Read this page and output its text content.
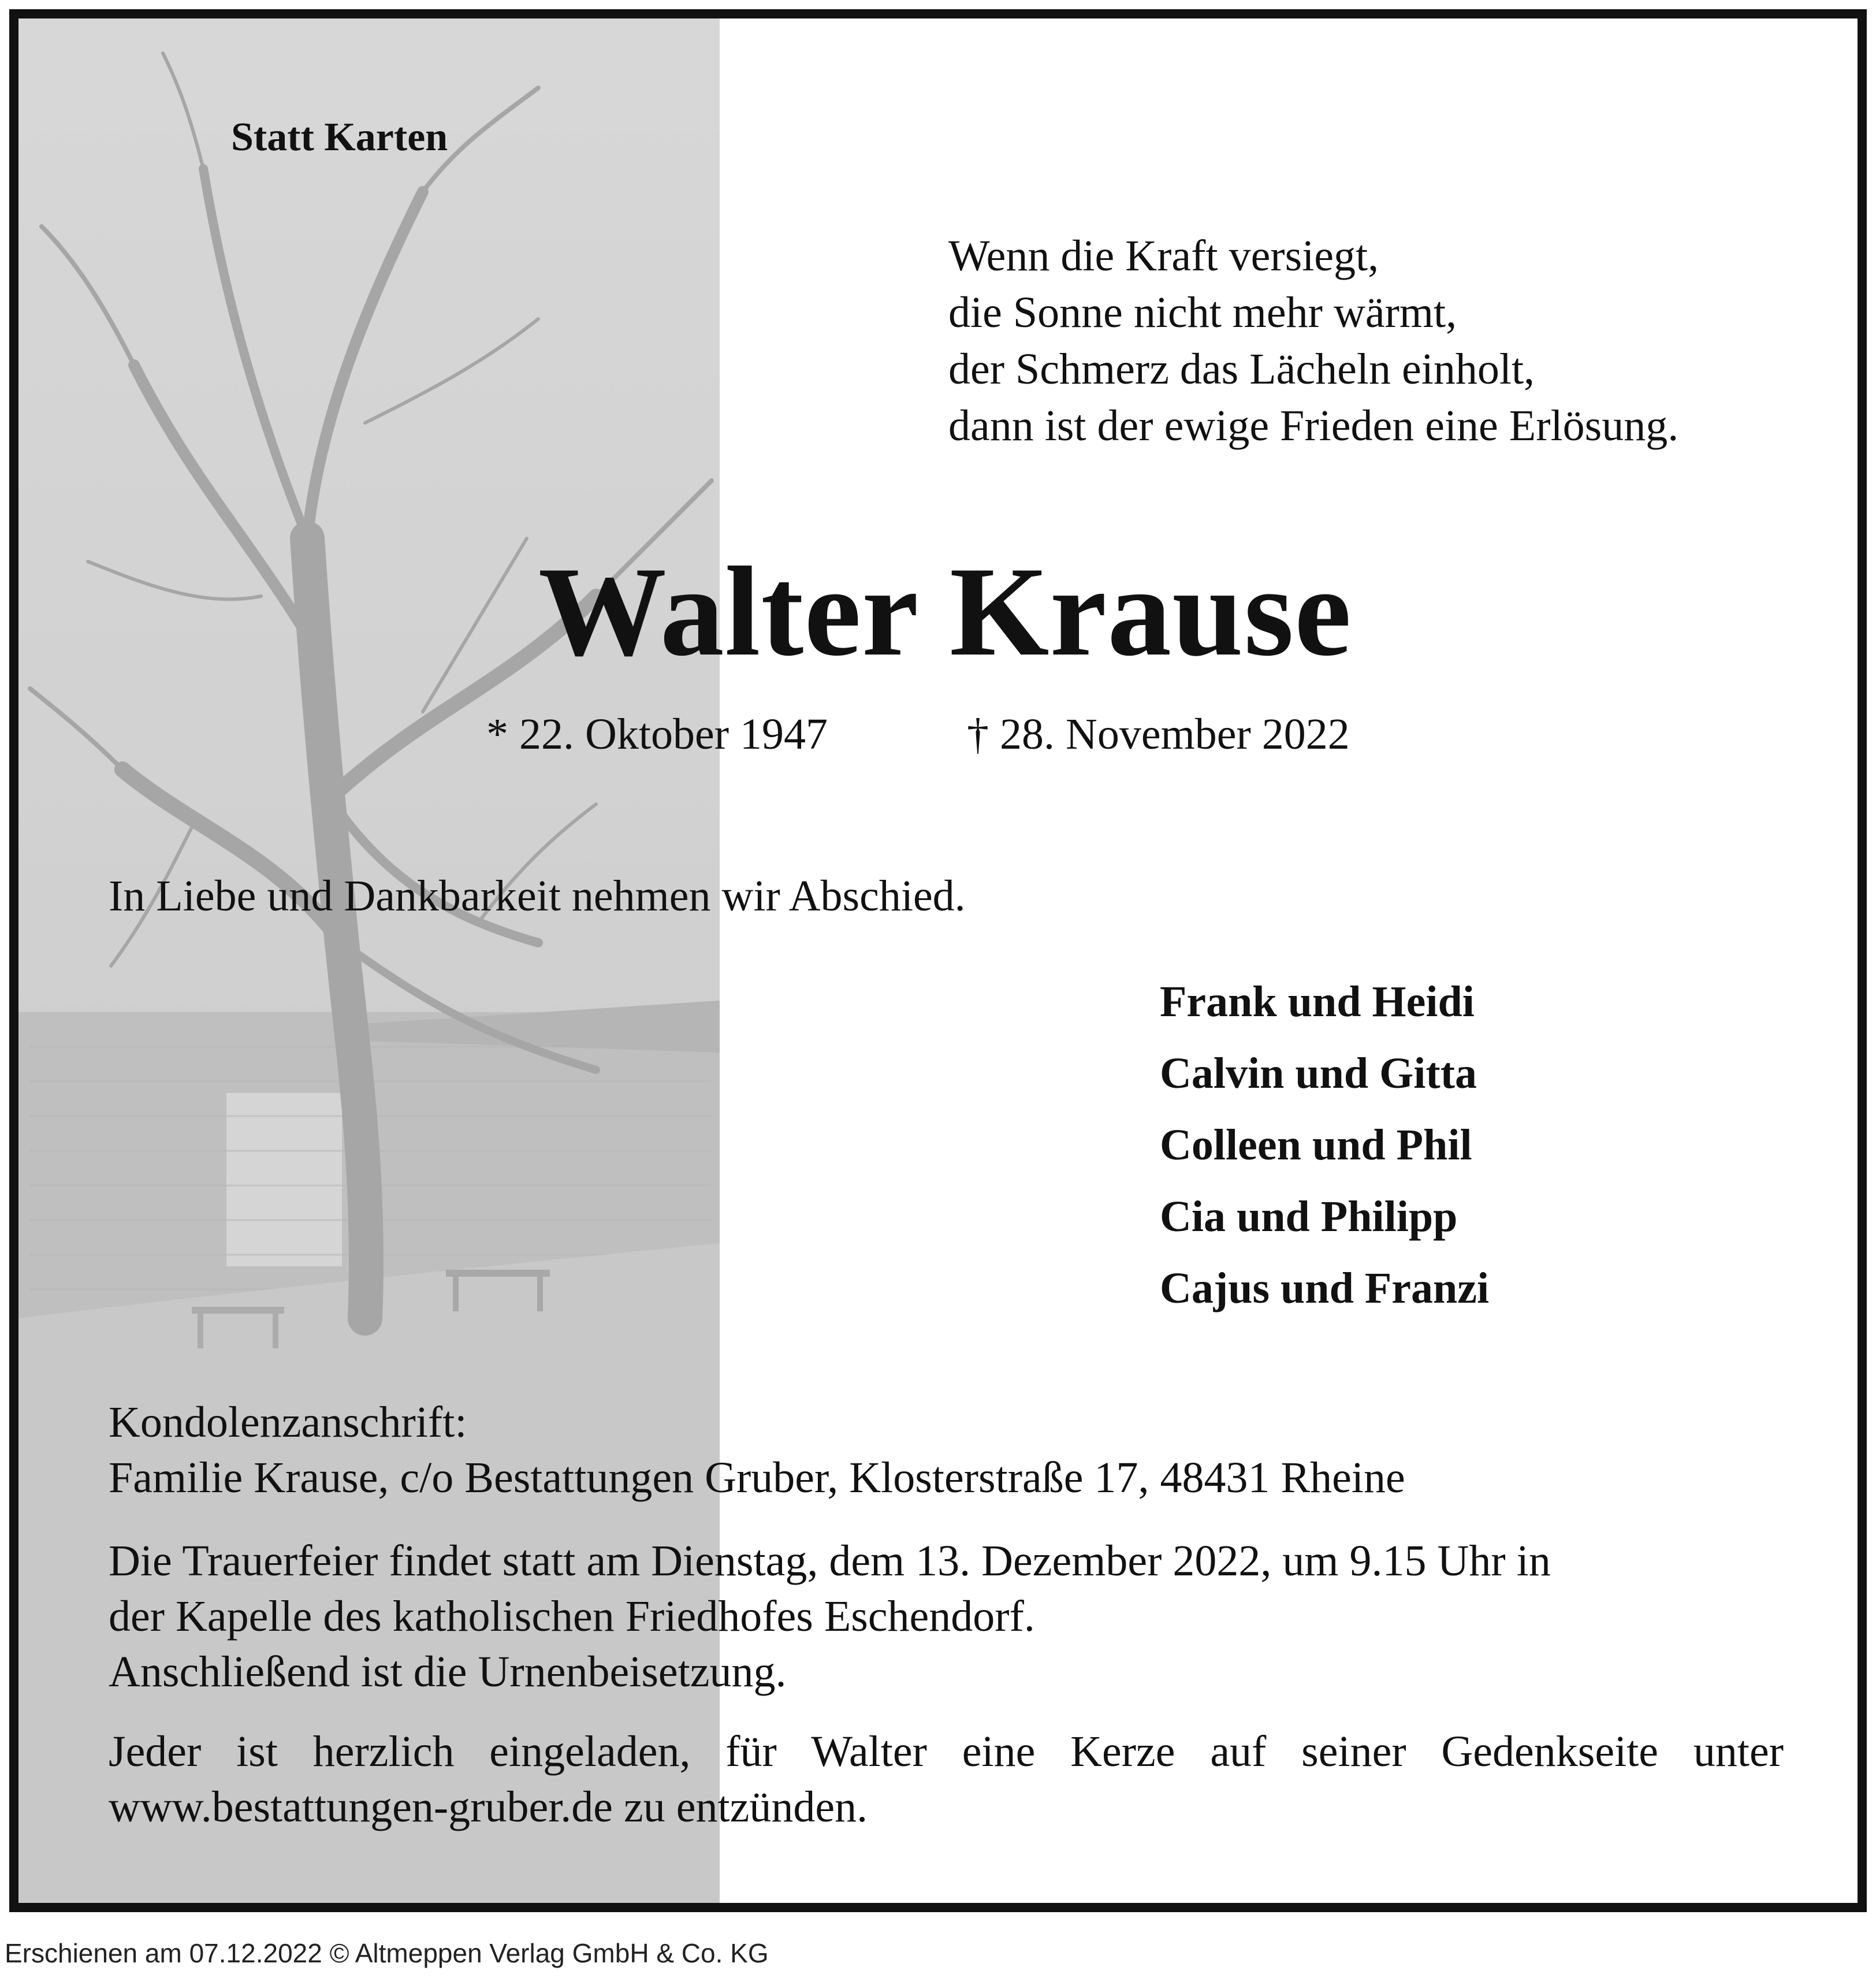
Statt Karten
Wenn die Kraft versiegt,
die Sonne nicht mehr wärmt,
der Schmerz das Lächeln einholt,
dann ist der ewige Frieden eine Erlösung.
Walter Krause
* 22. Oktober 1947	† 28. November 2022
In Liebe und Dankbarkeit nehmen wir Abschied.
Frank und Heidi
Calvin und Gitta
Colleen und Phil
Cia und Philipp
Cajus und Franzi
Kondolenzanschrift:
Familie Krause, c/o Bestattungen Gruber, Klosterstraße 17, 48431 Rheine
Die Trauerfeier findet statt am Dienstag, dem 13. Dezember 2022, um 9.15 Uhr in
der Kapelle des katholischen Friedhofes Eschendorf.
Anschließend ist die Urnenbeisetzung.
Jeder ist herzlich eingeladen, für Walter eine Kerze auf seiner Gedenkseite unter
www.bestattungen-gruber.de zu entzünden.
Erschienen am 07.12.2022 © Altmeppen Verlag GmbH & Co. KG
